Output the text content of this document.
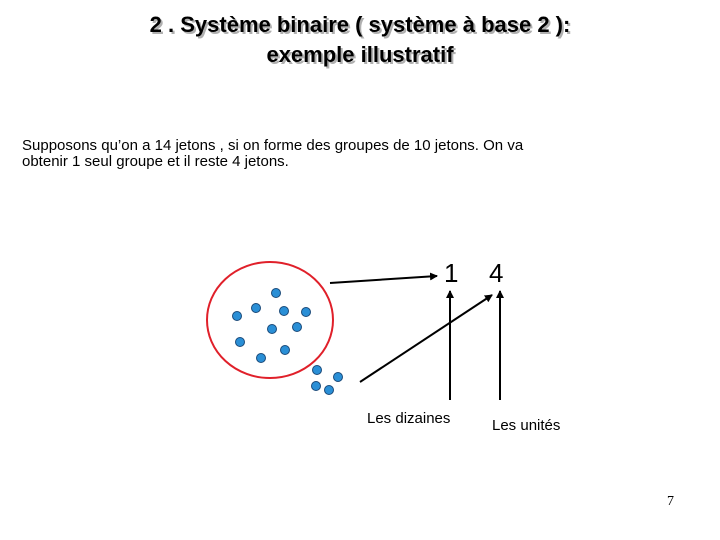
2 . Système binaire ( système à base 2 ):
exemple illustratif
Supposons qu’on a 14 jetons , si on forme des groupes de 10 jetons. On va
obtenir 1 seul groupe et il reste 4 jetons.
1 4
Les dizaines	Les unités
7
